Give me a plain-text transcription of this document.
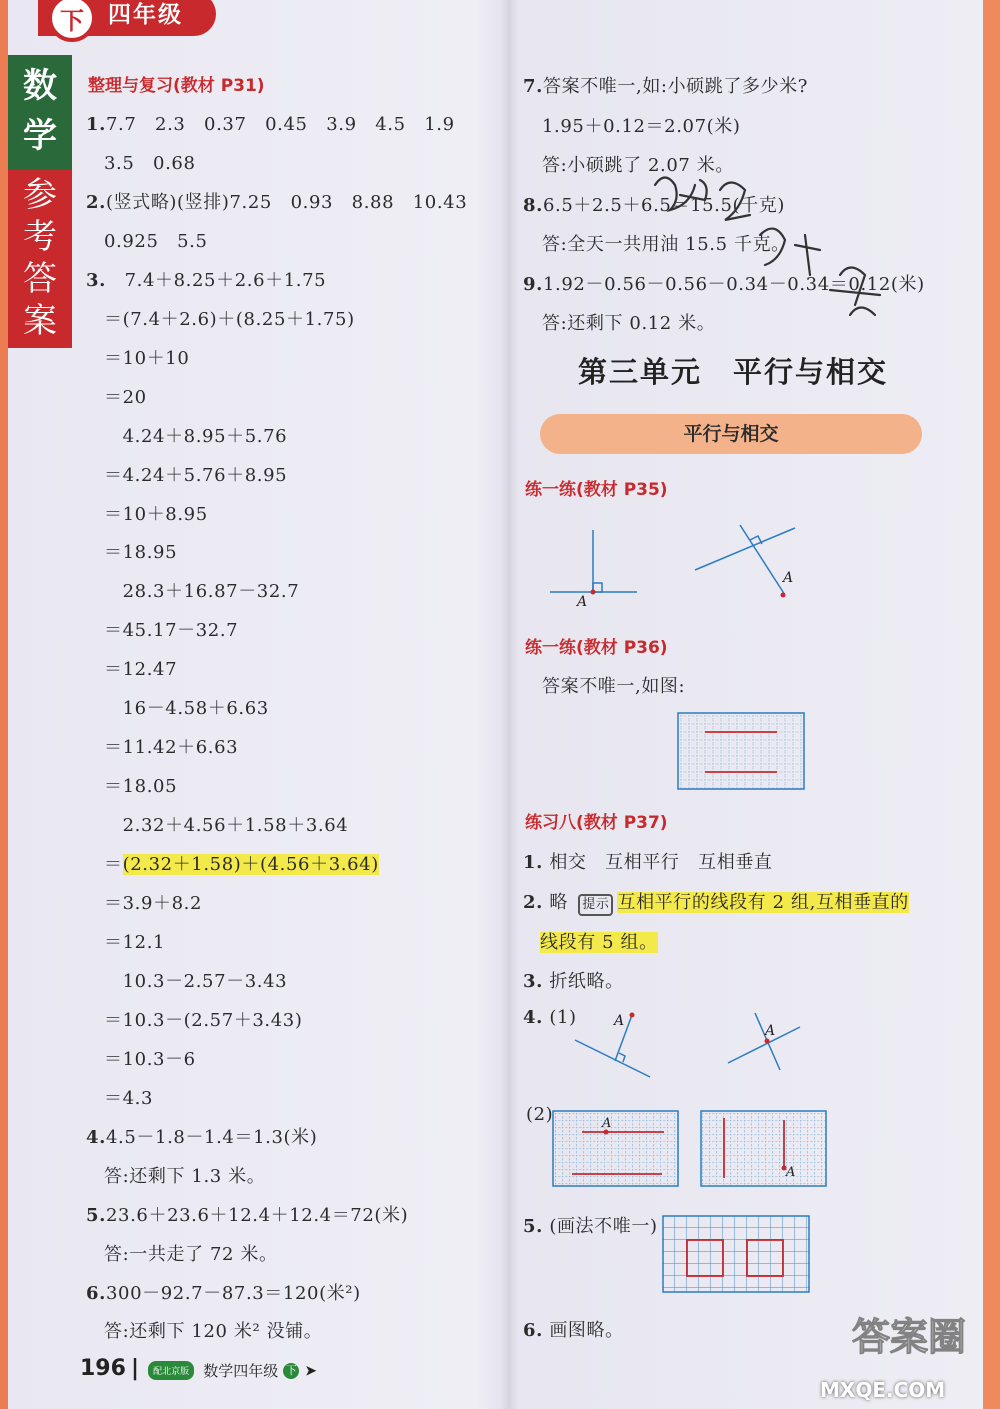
下	四年级
数
学
参
考
答
案
整理与复习(教材 P31)
1.7.7　2.3　0.37　0.45　3.9　4.5　1.9
3.5　0.68
2.(竖式略)(竖排)7.25　0.93　8.88　10.43
0.925　5.5
3.　7.4＋8.25＋2.6＋1.75
＝(7.4＋2.6)＋(8.25＋1.75)
＝10＋10
＝20
　4.24＋8.95＋5.76
＝4.24＋5.76＋8.95
＝10＋8.95
＝18.95
　28.3＋16.87－32.7
＝45.17－32.7
＝12.47
　16－4.58＋6.63
＝11.42＋6.63
＝18.05
　2.32＋4.56＋1.58＋3.64
＝(2.32＋1.58)＋(4.56＋3.64)
＝3.9＋8.2
＝12.1
　10.3－2.57－3.43
＝10.3－(2.57＋3.43)
＝10.3－6
＝4.3
4.4.5－1.8－1.4＝1.3(米)
答:还剩下 1.3 米。
5.23.6＋23.6＋12.4＋12.4＝72(米)
答:一共走了 72 米。
6.300－92.7－87.3＝120(米²)
答:还剩下 120 米² 没铺。
7.答案不唯一,如:小硕跳了多少米?
1.95＋0.12＝2.07(米)
答:小硕跳了 2.07 米。
8.6.5＋2.5＋6.5＝15.5(千克)
答:全天一共用油 15.5 千克。
9.1.92－0.56－0.56－0.34－0.34＝0.12(米)
答:还剩下 0.12 米。
第三单元　平行与相交
平行与相交
练一练(教材 P35)
A
A
练一练(教材 P36)
答案不唯一,如图:
练习八(教材 P37)
1. 相交　互相平行　互相垂直
2. 略 提示 互相平行的线段有 2 组,互相垂直的
线段有 5 组。
3. 折纸略。
4. (1)	A
A
(2)	A
A
5. (画法不唯一)
6. 画图略。
196 | 配北京版 数学四年级 下 ➤
答案圈
MXQE.COM
